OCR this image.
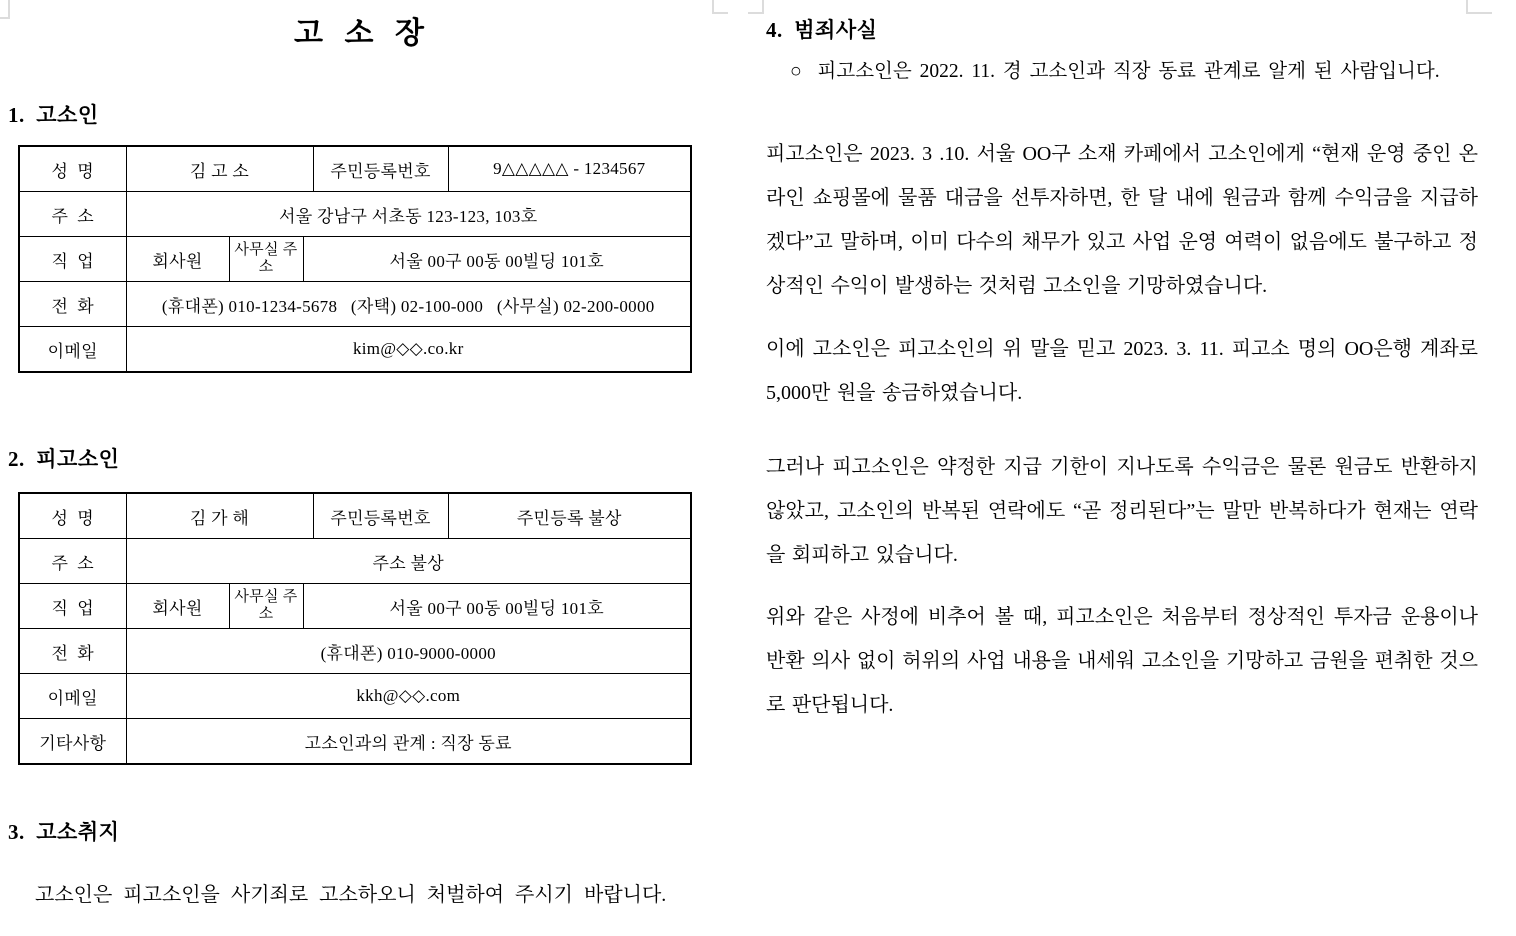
고 소 장
1.  고소인
성  명	김 고 소			주민등록번호	9△△△△△ - 1234567
주  소	서울 강남구 서초동 123-123, 103호				
직  업	회사원	사무실 주소	서울 00구 00동 00빌딩 101호		
전  화	(휴대폰) 010-1234-5678   (자택) 02-100-000   (사무실) 02-200-0000				
이메일	kim@◇◇.co.kr				
2.  피고소인
성  명	김 가 해			주민등록번호	주민등록 불상
주  소	주소 불상				
직  업	회사원	사무실 주소	서울 00구 00동 00빌딩 101호		
전  화	(휴대폰) 010-9000-0000				
이메일	kkh@◇◇.com				
기타사항	고소인과의 관계 : 직장 동료				
3.  고소취지
고소인은 피고소인을 사기죄로 고소하오니 처벌하여 주시기 바랍니다.
4.  범죄사실
○  피고소인은 2022. 11. 경 고소인과 직장 동료 관계로 알게 된 사람입니다.

피고소인은 2023. 3 .10. 서울 OO구 소재 카페에서 고소인에게 “현재 운영 중인 온라인 쇼핑몰에 물품 대금을 선투자하면, 한 달 내에 원금과 함께 수익금을 지급하겠다”고 말하며, 이미 다수의 채무가 있고 사업 운영 여력이 없음에도 불구하고 정상적인 수익이 발생하는 것처럼 고소인을 기망하였습니다.

이에 고소인은 피고소인의 위 말을 믿고 2023. 3. 11. 피고소 명의 OO은행 계좌로 5,000만 원을 송금하였습니다.

그러나 피고소인은 약정한 지급 기한이 지나도록 수익금은 물론 원금도 반환하지 않았고, 고소인의 반복된 연락에도 “곧 정리된다”는 말만 반복하다가 현재는 연락을 회피하고 있습니다.

위와 같은 사정에 비추어 볼 때, 피고소인은 처음부터 정상적인 투자금 운용이나 반환 의사 없이 허위의 사업 내용을 내세워 고소인을 기망하고 금원을 편취한 것으로 판단됩니다.
